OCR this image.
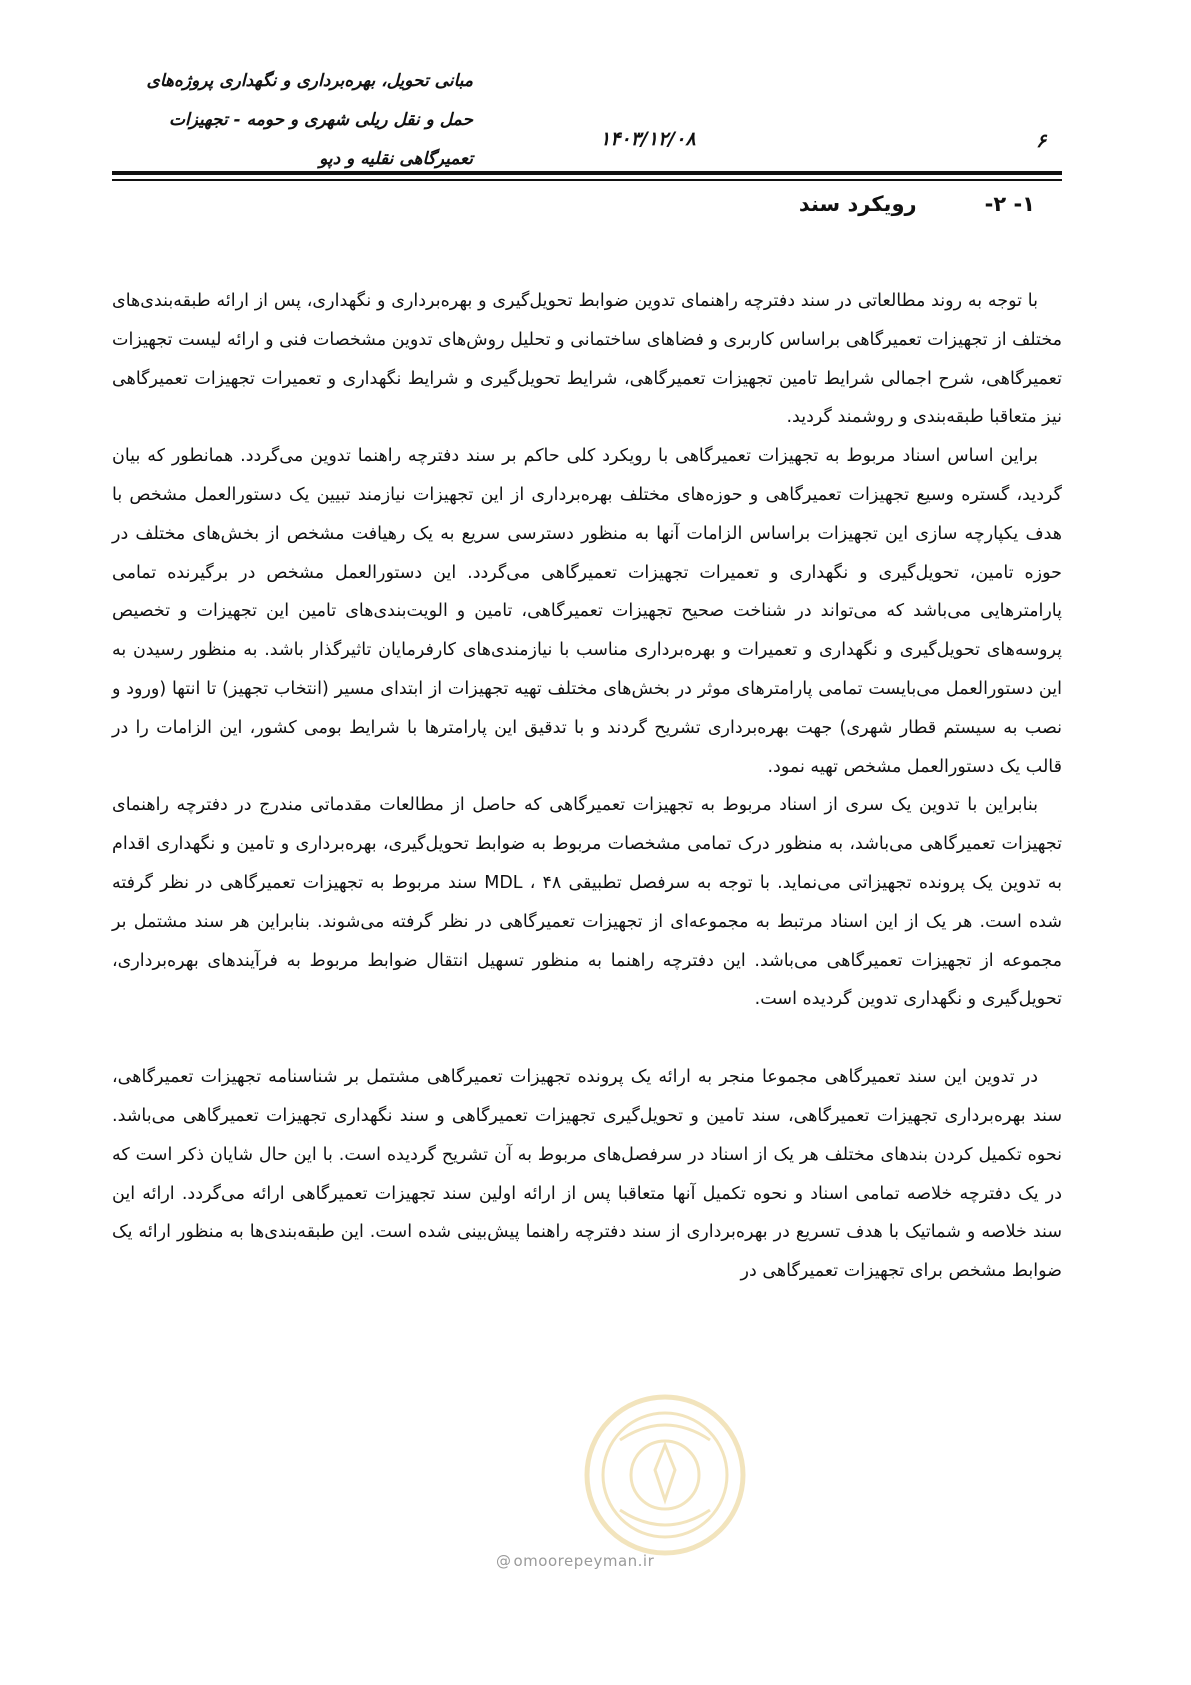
۶
۱۴۰۳/۱۲/۰۸
مبانی تحویل، بهره‌برداری و نگهداری پروژه‌های
حمل و نقل ریلی شهری و حومه - تجهیزات
تعمیرگاهی نقلیه و دپو
۱- ۲-رویکرد سند

با توجه به روند مطالعاتی در سند دفترچه راهنمای تدوین ضوابط تحویل‌گیری و بهره‌برداری و نگهداری، پس از ارائه طبقه‌بندی‌های مختلف از تجهیزات تعمیرگاهی براساس کاربری و فضاهای ساختمانی و تحلیل روش‌های تدوین مشخصات فنی و ارائه لیست تجهیزات تعمیرگاهی، شرح اجمالی شرایط تامین تجهیزات تعمیرگاهی، شرایط تحویل‌گیری و شرایط نگهداری و تعمیرات تجهیزات تعمیرگاهی نیز متعاقبا طبقه‌بندی و روشمند گردید.

براین اساس اسناد مربوط به تجهیزات تعمیرگاهی با رویکرد کلی حاکم بر سند دفترچه راهنما تدوین می‌گردد. همانطور که بیان گردید، گستره وسیع تجهیزات تعمیرگاهی و حوزه‌های مختلف بهره‌برداری از این تجهیزات نیازمند تبیین یک دستورالعمل مشخص با هدف یکپارچه سازی این تجهیزات براساس الزامات آنها به منظور دسترسی سریع به یک رهیافت مشخص از بخش‌های مختلف در حوزه تامین، تحویل‌گیری و نگهداری و تعمیرات تجهیزات تعمیرگاهی می‌گردد. این دستورالعمل مشخص در برگیرنده تمامی پارامترهایی می‌باشد که می‌تواند در شناخت صحیح تجهیزات تعمیرگاهی، تامین و الویت‌بندی‌های تامین این تجهیزات و تخصیص پروسه‌های تحویل‌گیری و نگهداری و تعمیرات و بهره‌برداری مناسب با نیازمندی‌های کارفرمایان تاثیرگذار باشد. به منظور رسیدن به این دستورالعمل می‌بایست تمامی پارامترهای موثر در بخش‌های مختلف تهیه تجهیزات از ابتدای مسیر (انتخاب تجهیز) تا انتها (ورود و نصب به سیستم قطار شهری) جهت بهره‌برداری تشریح گردند و با تدقیق این پارامترها با شرایط بومی کشور، این الزامات را در قالب یک دستورالعمل مشخص تهیه نمود.

بنابراین با تدوین یک سری از اسناد مربوط به تجهیزات تعمیرگاهی که حاصل از مطالعات مقدماتی مندرج در دفترچه راهنمای تجهیزات تعمیرگاهی می‌باشد، به منظور درک تمامی مشخصات مربوط به ضوابط تحویل‌گیری، بهره‌برداری و تامین و نگهداری اقدام به تدوین یک پرونده تجهیزاتی می‌نماید. با توجه به سرفصل تطبیقی MDL ، ۴۸ سند مربوط به تجهیزات تعمیرگاهی در نظر گرفته شده است. هر یک از این اسناد مرتبط به مجموعه‌ای از تجهیزات تعمیرگاهی در نظر گرفته می‌شوند. بنابراین هر سند مشتمل بر مجموعه از تجهیزات تعمیرگاهی می‌باشد. این دفترچه راهنما به منظور تسهیل انتقال ضوابط مربوط به فرآیندهای بهره‌برداری، تحویل‌گیری و نگهداری تدوین گردیده است.

در تدوین این سند تعمیرگاهی مجموعا منجر به ارائه یک پرونده تجهیزات تعمیرگاهی مشتمل بر شناسنامه تجهیزات تعمیرگاهی، سند بهره‌برداری تجهیزات تعمیرگاهی، سند تامین و تحویل‌گیری تجهیزات تعمیرگاهی و سند نگهداری تجهیزات تعمیرگاهی می‌باشد. نحوه تکمیل کردن بندهای مختلف هر یک از اسناد در سرفصل‌های مربوط به آن تشریح گردیده است. با این حال شایان ذکر است که در یک دفترچه خلاصه تمامی اسناد و نحوه تکمیل آنها متعاقبا پس از ارائه اولین سند تجهیزات تعمیرگاهی ارائه می‌گردد. ارائه این سند خلاصه و شماتیک با هدف تسریع در بهره‌برداری از سند دفترچه راهنما پیش‌بینی شده است. این طبقه‌بندی‌ها به منظور ارائه یک ضوابط مشخص برای تجهیزات تعمیرگاهی در

@ omoorepeyman.ir
